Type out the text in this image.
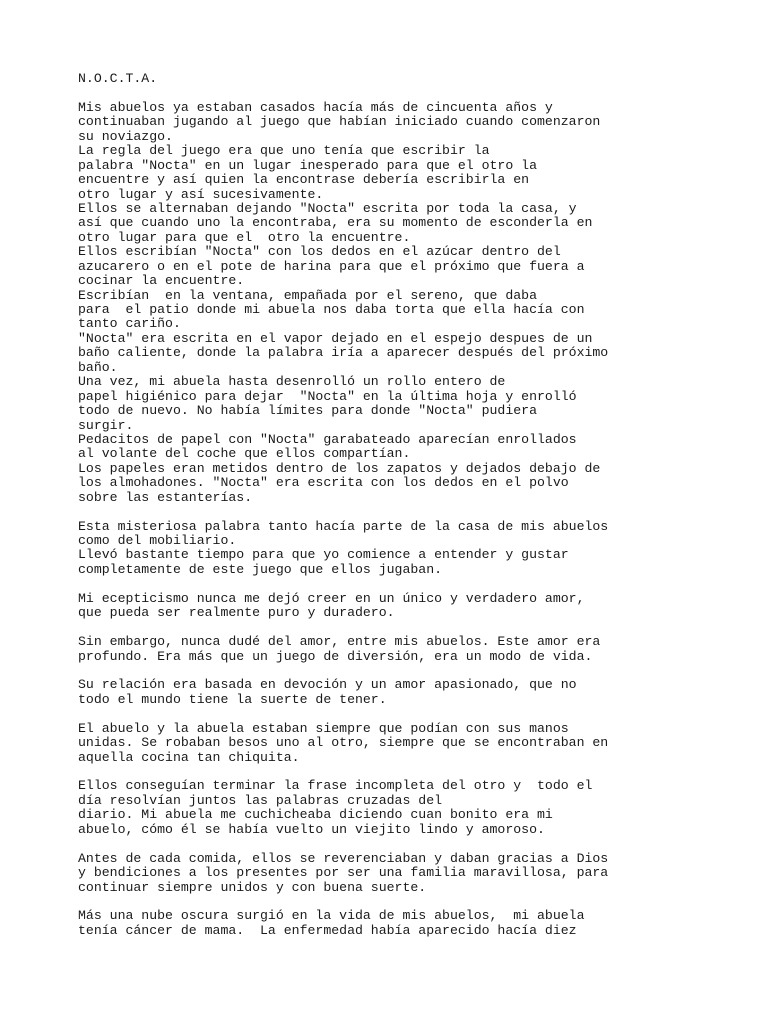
N.O.C.T.A.
Mis abuelos ya estaban casados hacía más de cincuenta años y
continuaban jugando al juego que habían iniciado cuando comenzaron
su noviazgo.
La regla del juego era que uno tenía que escribir la
palabra "Nocta" en un lugar inesperado para que el otro la
encuentre y así quien la encontrase debería escribirla en
otro lugar y así sucesivamente.
Ellos se alternaban dejando "Nocta" escrita por toda la casa, y
así que cuando uno la encontraba, era su momento de esconderla en
otro lugar para que el  otro la encuentre.
Ellos escribían "Nocta" con los dedos en el azúcar dentro del
azucarero o en el pote de harina para que el próximo que fuera a
cocinar la encuentre.
Escribían  en la ventana, empañada por el sereno, que daba
para  el patio donde mi abuela nos daba torta que ella hacía con
tanto cariño.
"Nocta" era escrita en el vapor dejado en el espejo despues de un
baño caliente, donde la palabra iría a aparecer después del próximo
baño.
Una vez, mi abuela hasta desenrolló un rollo entero de
papel higiénico para dejar  "Nocta" en la última hoja y enrolló
todo de nuevo. No había límites para donde "Nocta" pudiera
surgir.
Pedacitos de papel con "Nocta" garabateado aparecían enrollados
al volante del coche que ellos compartían.
Los papeles eran metidos dentro de los zapatos y dejados debajo de
los almohadones. "Nocta" era escrita con los dedos en el polvo
sobre las estanterías.
Esta misteriosa palabra tanto hacía parte de la casa de mis abuelos
como del mobiliario.
Llevó bastante tiempo para que yo comience a entender y gustar
completamente de este juego que ellos jugaban.
Mi ecepticismo nunca me dejó creer en un único y verdadero amor,
que pueda ser realmente puro y duradero.
Sin embargo, nunca dudé del amor, entre mis abuelos. Este amor era
profundo. Era más que un juego de diversión, era un modo de vida.
Su relación era basada en devoción y un amor apasionado, que no
todo el mundo tiene la suerte de tener.
El abuelo y la abuela estaban siempre que podían con sus manos
unidas. Se robaban besos uno al otro, siempre que se encontraban en
aquella cocina tan chiquita.
Ellos conseguían terminar la frase incompleta del otro y  todo el
día resolvían juntos las palabras cruzadas del
diario. Mi abuela me cuchicheaba diciendo cuan bonito era mi
abuelo, cómo él se había vuelto un viejito lindo y amoroso.
Antes de cada comida, ellos se reverenciaban y daban gracias a Dios
y bendiciones a los presentes por ser una familia maravillosa, para
continuar siempre unidos y con buena suerte.
Más una nube oscura surgió en la vida de mis abuelos,  mi abuela
tenía cáncer de mama.  La enfermedad había aparecido hacía diez
